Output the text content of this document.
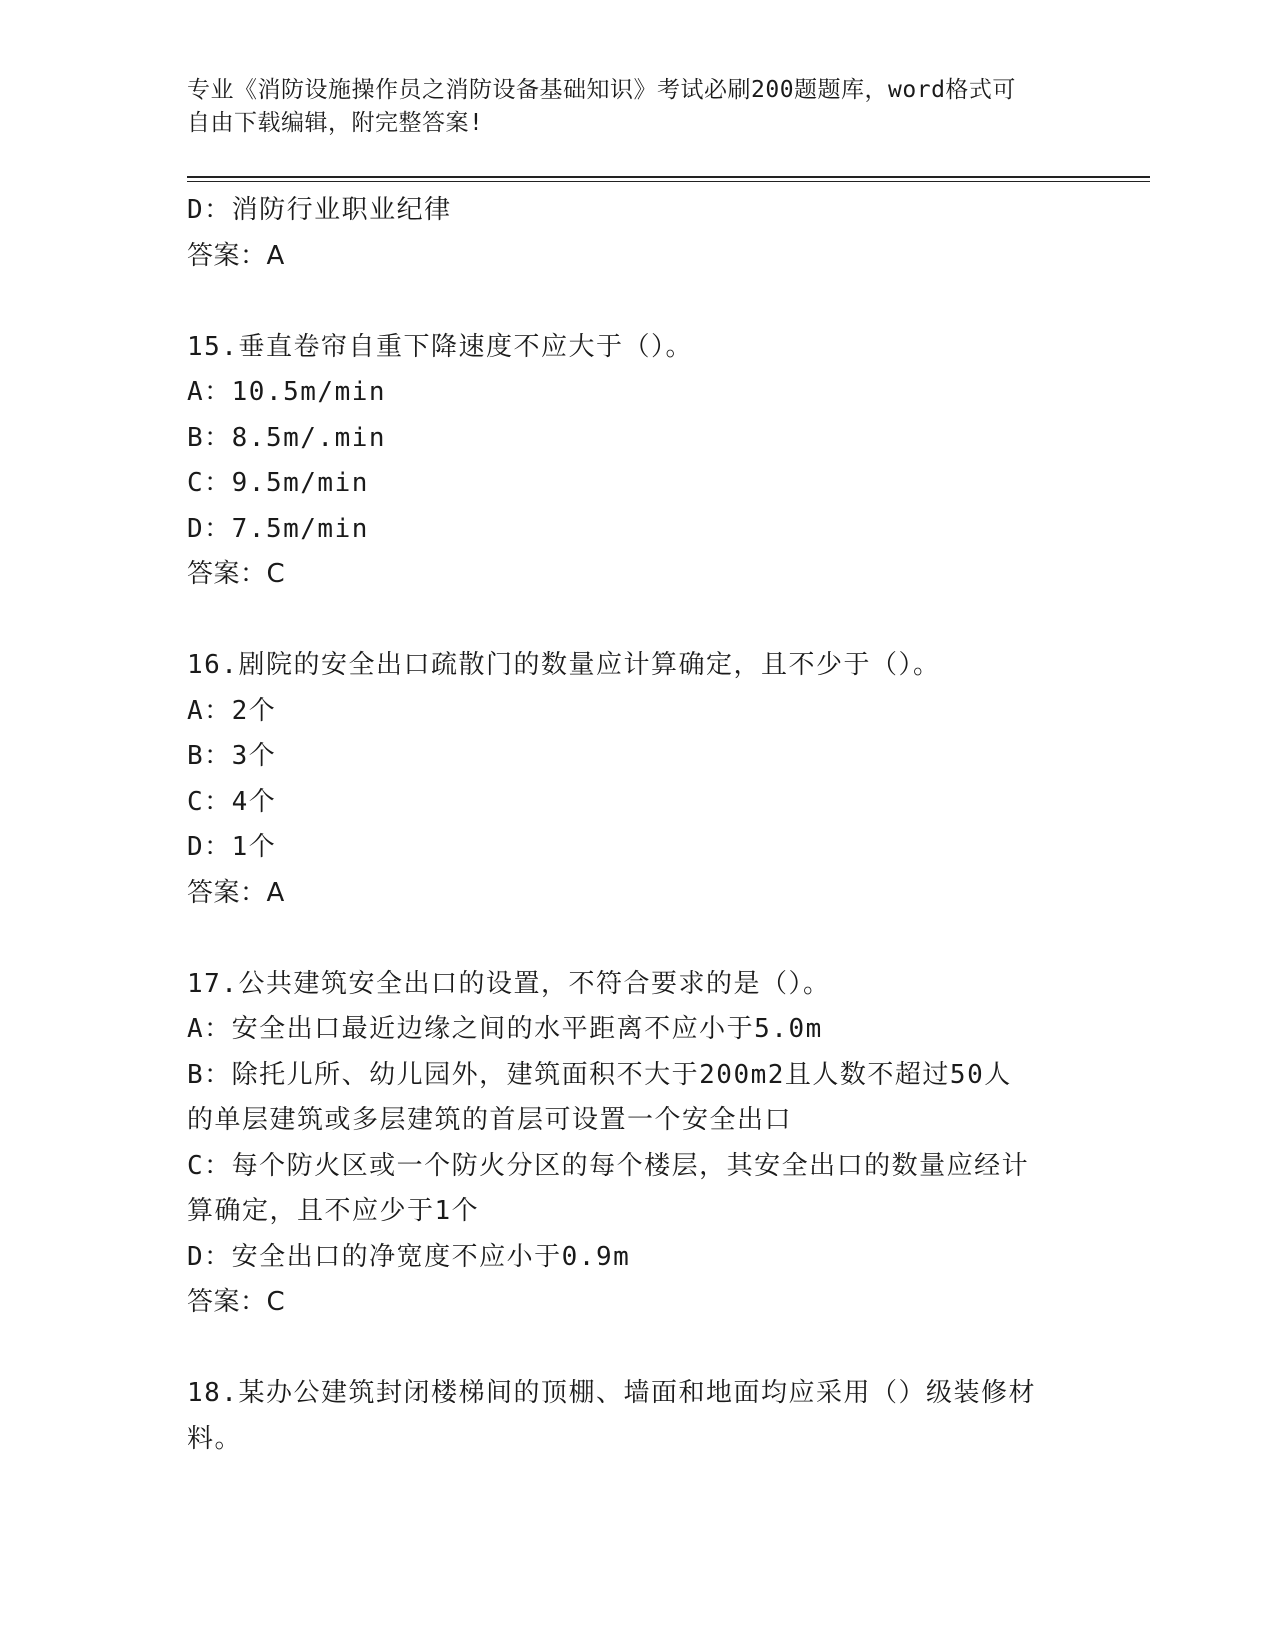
专业《消防设施操作员之消防设备基础知识》考试必刷200题题库，word格式可
自由下载编辑，附完整答案!
D：消防行业职业纪律
答案：A
15.垂直卷帘自重下降速度不应大于（）。
A：10.5m/min
B：8.5m/.min
C：9.5m/min
D：7.5m/min
答案：C
16.剧院的安全出口疏散门的数量应计算确定，且不少于（）。
A：2个
B：3个
C：4个
D：1个
答案：A
17.公共建筑安全出口的设置，不符合要求的是（）。
A：安全出口最近边缘之间的水平距离不应小于5.0m
B：除托儿所、幼儿园外，建筑面积不大于200m2且人数不超过50人
的单层建筑或多层建筑的首层可设置一个安全出口
C：每个防火区或一个防火分区的每个楼层，其安全出口的数量应经计
算确定，且不应少于1个
D：安全出口的净宽度不应小于0.9m
答案：C
18.某办公建筑封闭楼梯间的顶棚、墙面和地面均应采用（）级装修材
料。
